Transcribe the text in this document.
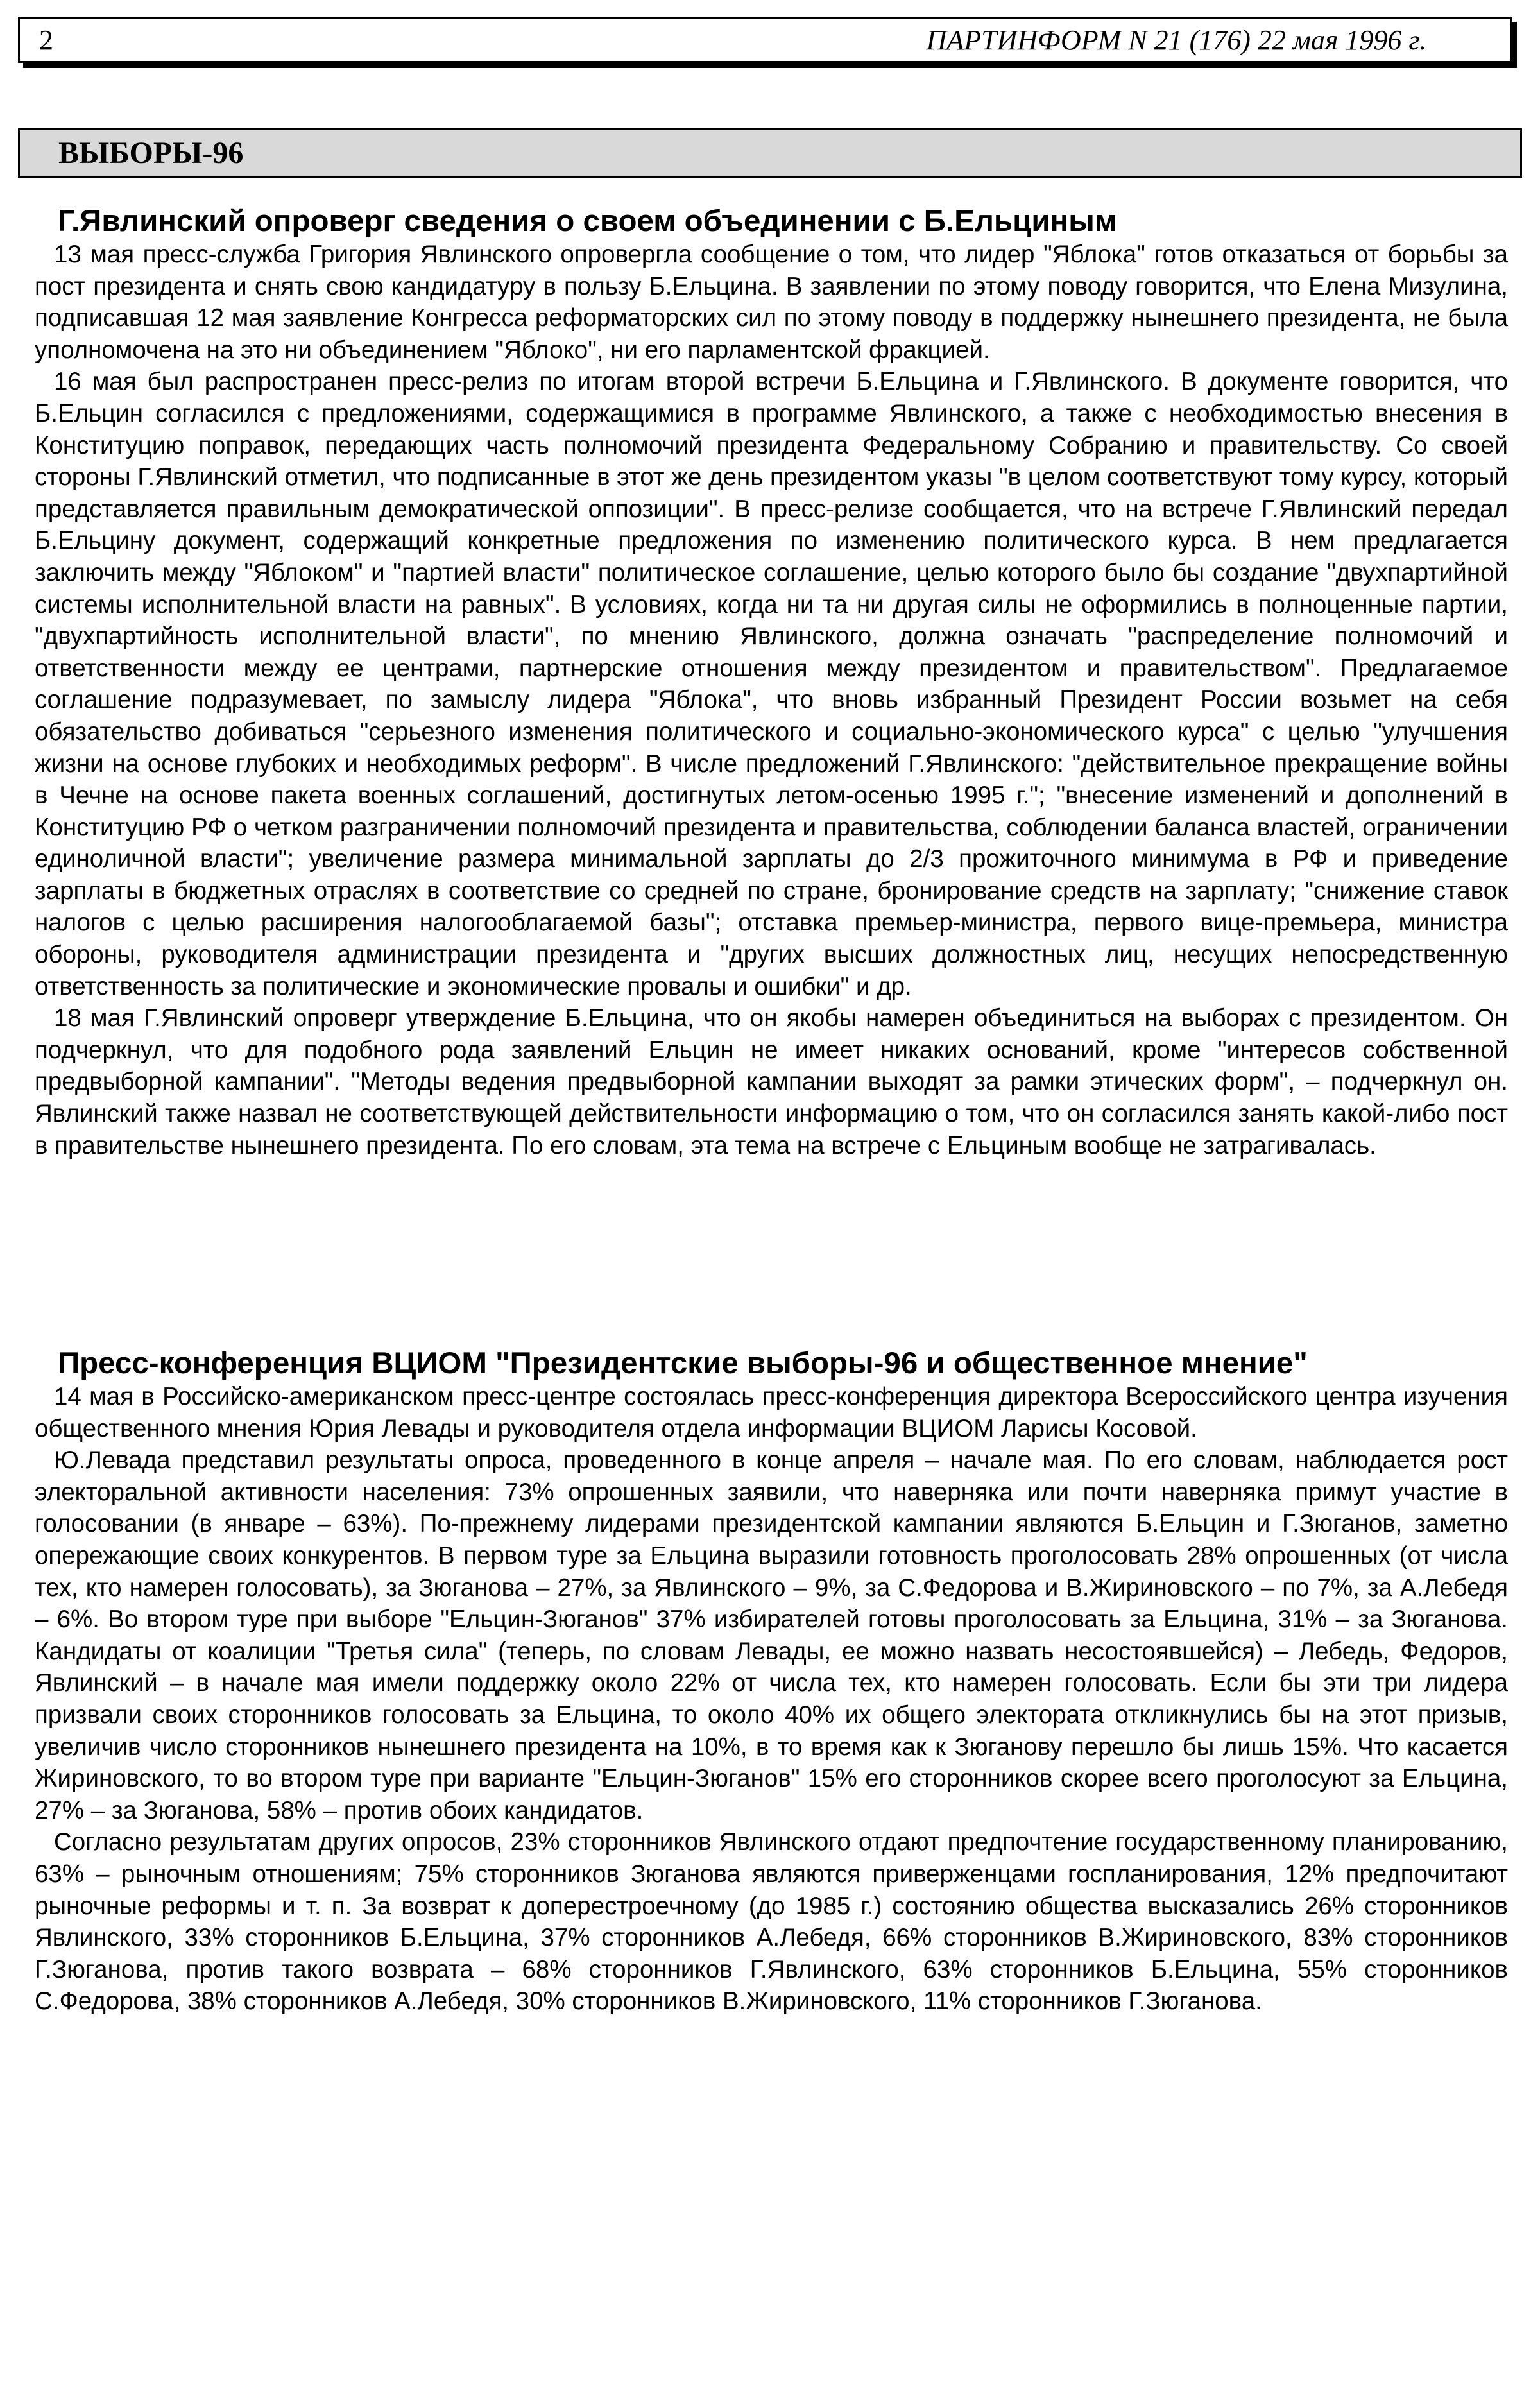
2	ПАРТИНФОРМ N 21 (176) 22 мая 1996 г.
ВЫБОРЫ-96
Г.Явлинский опроверг сведения о своем объединении с Б.Ельциным

13 мая пресс-служба Григория Явлинского опровергла сообщение о том, что лидер "Яблока" готов отказаться от борьбы за пост президента и снять свою кандидатуру в пользу Б.Ельцина. В заявлении по этому поводу говорится, что Елена Мизулина, подписавшая 12 мая заявление Конгресса реформаторских сил по этому поводу в поддержку нынешнего президента, не была уполномочена на это ни объединением "Яблоко", ни его парламентской фракцией.

16 мая был распространен пресс-релиз по итогам второй встречи Б.Ельцина и Г.Явлинского. В документе говорится, что Б.Ельцин согласился с предложениями, содержащимися в программе Явлинского, а также с необходимостью внесения в Конституцию поправок, передающих часть полномочий президента Федеральному Собранию и правительству. Со своей стороны Г.Явлинский отметил, что подписанные в этот же день президентом указы "в целом соответствуют тому курсу, который представляется правильным демократической оппозиции". В пресс-релизе сообщается, что на встрече Г.Явлинский передал Б.Ельцину документ, содержащий конкретные предложения по изменению политического курса. В нем предлагается заключить между "Яблоком" и "партией власти" политическое соглашение, целью которого было бы создание "двухпартийной системы исполнительной власти на равных". В условиях, когда ни та ни другая силы не оформились в полноценные партии, "двухпартийность исполнительной власти", по мнению Явлинского, должна означать "распределение полномочий и ответственности между ее центрами, партнерские отношения между президентом и правительством". Предлагаемое соглашение подразумевает, по замыслу лидера "Яблока", что вновь избранный Президент России возьмет на себя обязательство добиваться "серьезного изменения политического и социально-экономического курса" с целью "улучшения жизни на основе глубоких и необходимых реформ". В числе предложений Г.Явлинского: "действительное прекращение войны в Чечне на основе пакета военных соглашений, достигнутых летом-осенью 1995 г."; "внесение изменений и дополнений в Конституцию РФ о четком разграничении полномочий президента и правительства, соблюдении баланса властей, ограничении единоличной власти"; увеличение размера минимальной зарплаты до 2/3 прожиточного минимума в РФ и приведение зарплаты в бюджетных отраслях в соответствие со средней по стране, бронирование средств на зарплату; "снижение ставок налогов с целью расширения налогооблагаемой базы"; отставка премьер-министра, первого вице-премьера, министра обороны, руководителя администрации президента и "других высших должностных лиц, несущих непосредственную ответственность за политические и экономические провалы и ошибки" и др.

18 мая Г.Явлинский опроверг утверждение Б.Ельцина, что он якобы намерен объединиться на выборах с президентом. Он подчеркнул, что для подобного рода заявлений Ельцин не имеет никаких оснований, кроме "интересов собственной предвыборной кампании". "Методы ведения предвыборной кампании выходят за рамки этических форм", – подчеркнул он. Явлинский также назвал не соответствующей действительности информацию о том, что он согласился занять какой-либо пост в правительстве нынешнего президента. По его словам, эта тема на встрече с Ельциным вообще не затрагивалась.

Пресс-конференция ВЦИОМ "Президентские выборы-96 и общественное мнение"

14 мая в Российско-американском пресс-центре состоялась пресс-конференция директора Всероссийского центра изучения общественного мнения Юрия Левады и руководителя отдела информации ВЦИОМ Ларисы Косовой.

Ю.Левада представил результаты опроса, проведенного в конце апреля – начале мая. По его словам, наблюдается рост электоральной активности населения: 73% опрошенных заявили, что наверняка или почти наверняка примут участие в голосовании (в январе – 63%). По-прежнему лидерами президентской кампании являются Б.Ельцин и Г.Зюганов, заметно опережающие своих конкурентов. В первом туре за Ельцина выразили готовность проголосовать 28% опрошенных (от числа тех, кто намерен голосовать), за Зюганова – 27%, за Явлинского – 9%, за С.Федорова и В.Жириновского – по 7%, за А.Лебедя – 6%. Во втором туре при выборе "Ельцин-Зюганов" 37% избирателей готовы проголосовать за Ельцина, 31% – за Зюганова. Кандидаты от коалиции "Третья сила" (теперь, по словам Левады, ее можно назвать несостоявшейся) – Лебедь, Федоров, Явлинский – в начале мая имели поддержку около 22% от числа тех, кто намерен голосовать. Если бы эти три лидера призвали своих сторонников голосовать за Ельцина, то около 40% их общего электората откликнулись бы на этот призыв, увеличив число сторонников нынешнего президента на 10%, в то время как к Зюганову перешло бы лишь 15%. Что касается Жириновского, то во втором туре при варианте "Ельцин-Зюганов" 15% его сторонников скорее всего проголосуют за Ельцина, 27% – за Зюганова, 58% – против обоих кандидатов.

Согласно результатам других опросов, 23% сторонников Явлинского отдают предпочтение государственному планированию, 63% – рыночным отношениям; 75% сторонников Зюганова являются приверженцами госпланирования, 12% предпочитают рыночные реформы и т. п. За возврат к доперестроечному (до 1985 г.) состоянию общества высказались 26% сторонников Явлинского, 33% сторонников Б.Ельцина, 37% сторонников А.Лебедя, 66% сторонников В.Жириновского, 83% сторонников Г.Зюганова, против такого возврата – 68% сторонников Г.Явлинского, 63% сторонников Б.Ельцина, 55% сторонников С.Федорова, 38% сторонников А.Лебедя, 30% сторонников В.Жириновского, 11% сторонников Г.Зюганова.
